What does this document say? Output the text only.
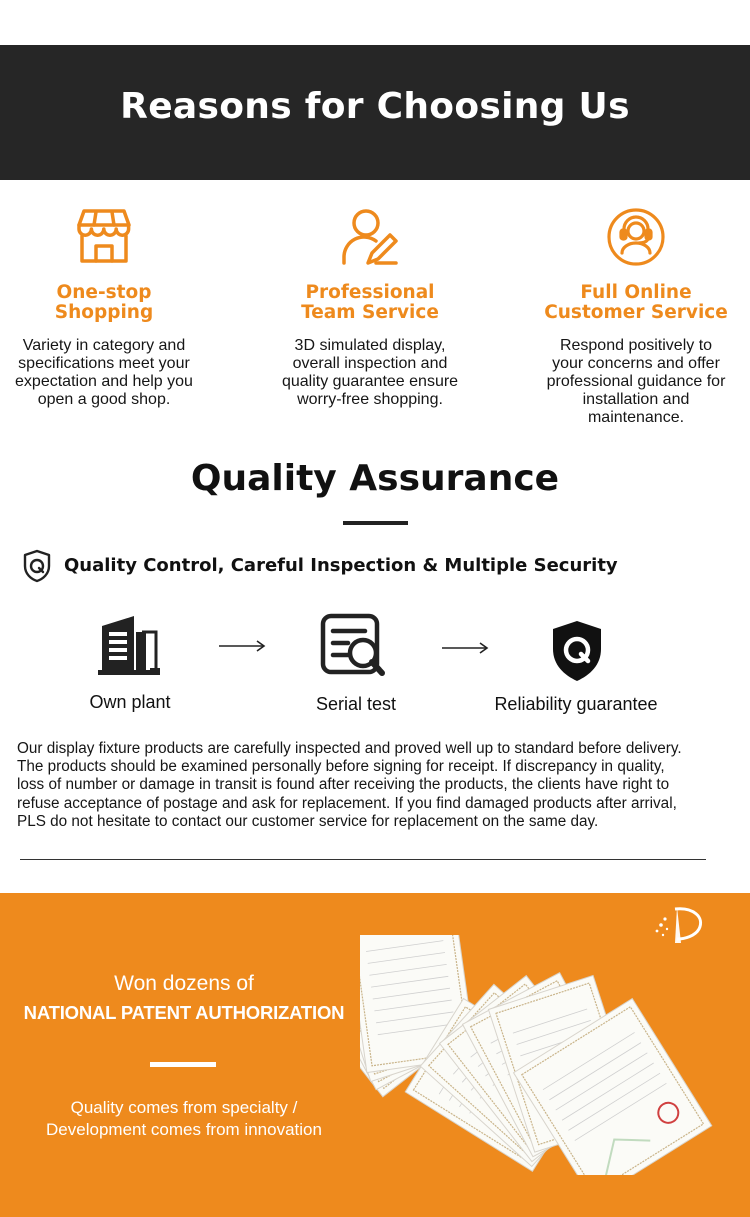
Reasons for Choosing Us
One-stop
Shopping
Variety in category and
specifications meet your
expectation and help you
open a good shop.
Professional
Team Service
3D simulated display,
overall inspection and
quality guarantee ensure
worry-free shopping.
Full Online
Customer Service
Respond positively to
your concerns and offer
professional guidance for
installation and
maintenance.
Quality Assurance
Quality Control, Careful Inspection & Multiple Security
Own plant	Serial test	Reliability guarantee
Our display fixture products are carefully inspected and proved well up to standard before delivery.
The products should be examined personally before signing for receipt. If discrepancy in quality,
loss of number or damage in transit is found after receiving the products, the clients have right to
refuse acceptance of postage and ask for replacement. If you find damaged products after arrival,
PLS do not hesitate to contact our customer service for replacement on the same day.
Won dozens of
NATIONAL PATENT AUTHORIZATION
Quality comes from specialty /
Development comes from innovation
